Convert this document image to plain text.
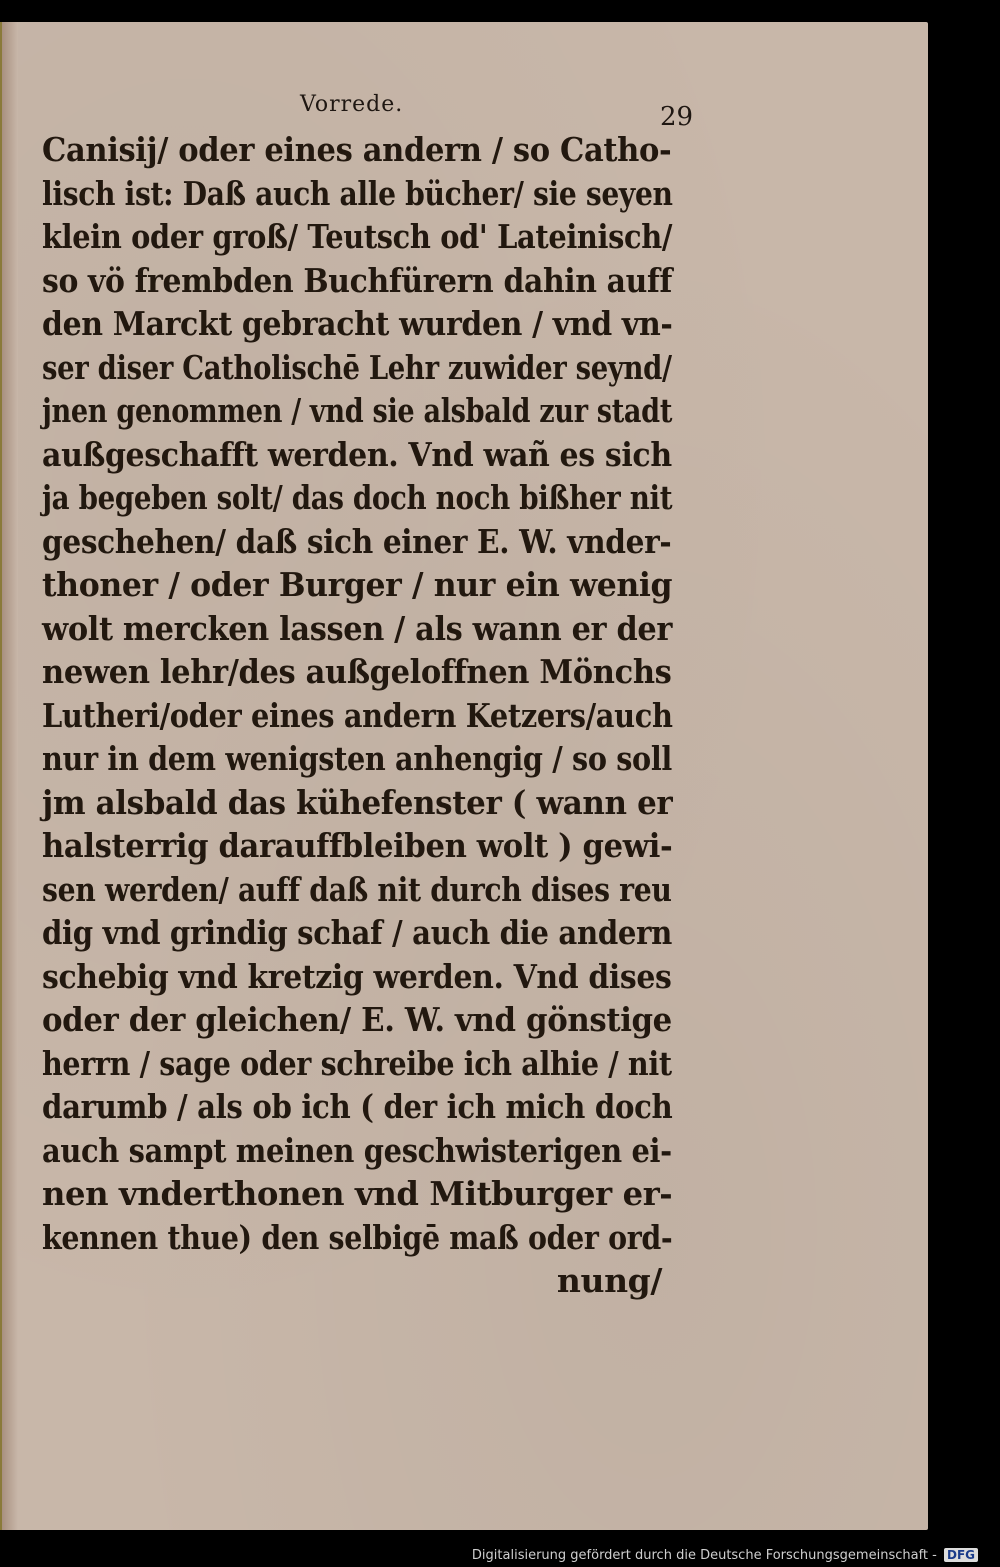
Vorrede.	29
Canisij/ oder eines andern / so Catho-
lisch ist: Daß auch alle bücher/ sie seyen
klein oder groß/ Teutsch od' Lateinisch/
so vö frembden Buchfürern dahin auff
den Marckt gebracht wurden / vnd vn-
ser diser Catholischē Lehr zuwider seynd/
jnen genommen / vnd sie alsbald zur stadt
außgeschafft werden. Vnd wañ es sich
ja begeben solt/ das doch noch bißher nit
geschehen/ daß sich einer E. W. vnder-
thoner / oder Burger / nur ein wenig
wolt mercken lassen / als wann er der
newen lehr/des außgeloffnen Mönchs
Lutheri/oder eines andern Ketzers/auch
nur in dem wenigsten anhengig / so soll
jm alsbald das kühefenster ( wann er
halsterrig darauffbleiben wolt ) gewi-
sen werden/ auff daß nit durch dises reu
dig vnd grindig schaf / auch die andern
schebig vnd kretzig werden. Vnd dises
oder der gleichen/ E. W. vnd gönstige
herrn / sage oder schreibe ich alhie / nit
darumb / als ob ich ( der ich mich doch
auch sampt meinen geschwisterigen ei-
nen vnderthonen vnd Mitburger er-
kennen thue) den selbigē maß oder ord-
nung/
Digitalisierung gefördert durch die Deutsche Forschungsgemeinschaft - DFG
